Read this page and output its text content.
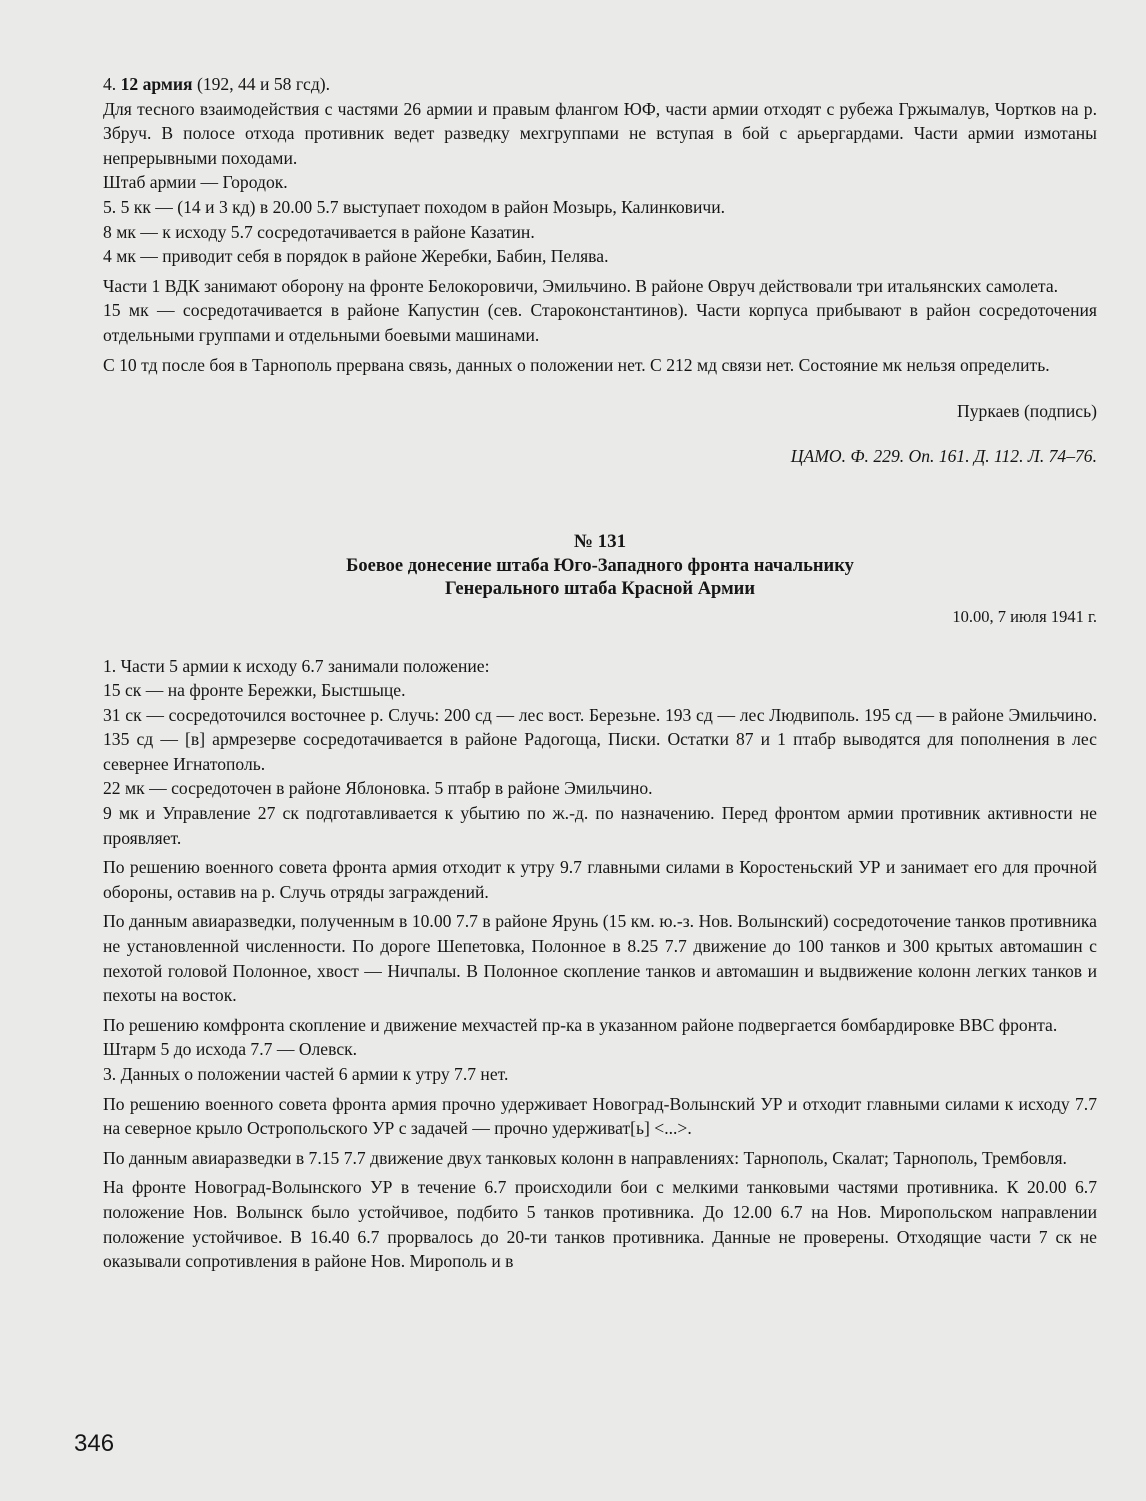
4. 12 армия (192, 44 и 58 гсд).

Для тесного взаимодействия с частями 26 армии и правым флангом ЮФ, части армии отходят с рубежа Гржымалув, Чортков на р. Збруч. В полосе отхода противник ведет разведку мехгруппами не вступая в бой с арьергардами. Части армии измотаны непрерывными походами.

Штаб армии — Городок.

5. 5 кк — (14 и 3 кд) в 20.00 5.7 выступает походом в район Мозырь, Калинковичи.

8 мк — к исходу 5.7 сосредотачивается в районе Казатин.

4 мк — приводит себя в порядок в районе Жеребки, Бабин, Пелява.

Части 1 ВДК занимают оборону на фронте Белокоровичи, Эмильчино. В районе Овруч действовали три итальянских самолета.

15 мк — сосредотачивается в районе Капустин (сев. Староконстантинов). Части корпуса прибывают в район сосредоточения отдельными группами и отдельными боевыми машинами.

С 10 тд после боя в Тарнополь прервана связь, данных о положении нет. С 212 мд связи нет. Состояние мк нельзя определить.

Пуркаев (подпись)

ЦАМО. Ф. 229. Оп. 161. Д. 112. Л. 74–76.

№ 131
Боевое донесение штаба Юго-Западного фронта начальнику
Генерального штаба Красной Армии
10.00, 7 июля 1941 г.

1. Части 5 армии к исходу 6.7 занимали положение:

15 ск — на фронте Бережки, Быстшыце.

31 ск — сосредоточился восточнее р. Случь: 200 сд — лес вост. Березьне. 193 сд — лес Людвиполь. 195 сд — в районе Эмильчино. 135 сд — [в] армрезерве сосредотачивается в районе Радогоща, Писки. Остатки 87 и 1 птабр выводятся для пополнения в лес севернее Игнатополь.

22 мк — сосредоточен в районе Яблоновка. 5 птабр в районе Эмильчино.

9 мк и Управление 27 ск подготавливается к убытию по ж.-д. по назначению. Перед фронтом армии противник активности не проявляет.

По решению военного совета фронта армия отходит к утру 9.7 главными силами в Коростеньский УР и занимает его для прочной обороны, оставив на р. Случь отряды заграждений.

По данным авиаразведки, полученным в 10.00 7.7 в районе Ярунь (15 км. ю.-з. Нов. Волынский) сосредоточение танков противника не установленной численности. По дороге Шепетовка, Полонное в 8.25 7.7 движение до 100 танков и 300 крытых автомашин с пехотой головой Полонное, хвост — Ничпалы. В Полонное скопление танков и автомашин и выдвижение колонн легких танков и пехоты на восток.

По решению комфронта скопление и движение мехчастей пр-ка в указанном районе подвергается бомбардировке ВВС фронта.

Штарм 5 до исхода 7.7 — Олевск.

3. Данных о положении частей 6 армии к утру 7.7 нет.

По решению военного совета фронта армия прочно удерживает Новоград-Волынский УР и отходит главными силами к исходу 7.7 на северное крыло Остропольского УР с задачей — прочно удерживат[ь] <...>.

По данным авиаразведки в 7.15 7.7 движение двух танковых колонн в направлениях: Тарнополь, Скалат; Тарнополь, Трембовля.

На фронте Новоград-Волынского УР в течение 6.7 происходили бои с мелкими танковыми частями противника. К 20.00 6.7 положение Нов. Волынск было устойчивое, подбито 5 танков противника. До 12.00 6.7 на Нов. Миропольском направлении положение устойчивое. В 16.40 6.7 прорвалось до 20-ти танков противника. Данные не проверены. Отходящие части 7 ск не оказывали сопротивления в районе Нов. Мирополь и в

346
